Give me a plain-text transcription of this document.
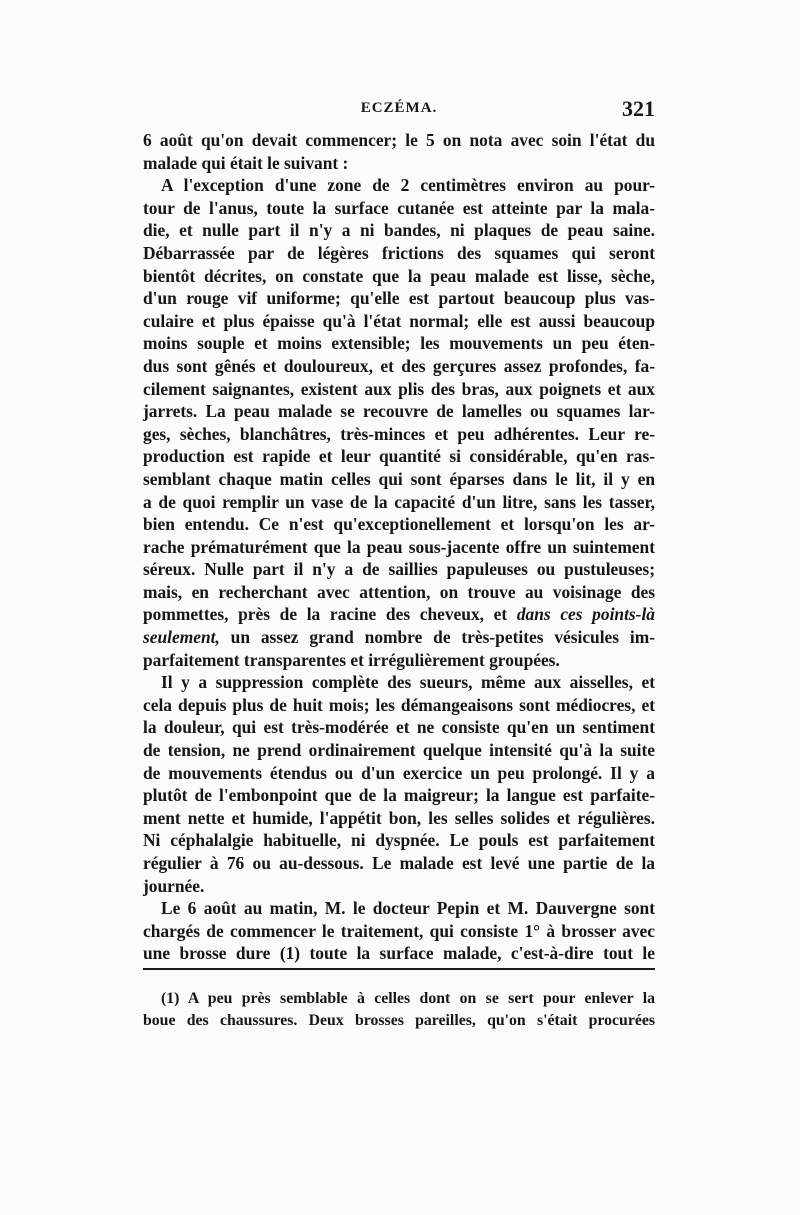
ECZÉMA.	321
6 août qu'on devait commencer; le 5 on nota avec soin l'état du
malade qui était le suivant :
A l'exception d'une zone de 2 centimètres environ au pour-
tour de l'anus, toute la surface cutanée est atteinte par la mala-
die, et nulle part il n'y a ni bandes, ni plaques de peau saine.
Débarrassée par de légères frictions des squames qui seront
bientôt décrites, on constate que la peau malade est lisse, sèche,
d'un rouge vif uniforme; qu'elle est partout beaucoup plus vas-
culaire et plus épaisse qu'à l'état normal; elle est aussi beaucoup
moins souple et moins extensible; les mouvements un peu éten-
dus sont gênés et douloureux, et des gerçures assez profondes, fa-
cilement saignantes, existent aux plis des bras, aux poignets et aux
jarrets. La peau malade se recouvre de lamelles ou squames lar-
ges, sèches, blanchâtres, très-minces et peu adhérentes. Leur re-
production est rapide et leur quantité si considérable, qu'en ras-
semblant chaque matin celles qui sont éparses dans le lit, il y en
a de quoi remplir un vase de la capacité d'un litre, sans les tasser,
bien entendu. Ce n'est qu'exceptionellement et lorsqu'on les ar-
rache prématurément que la peau sous-jacente offre un suintement
séreux. Nulle part il n'y a de saillies papuleuses ou pustuleuses;
mais, en recherchant avec attention, on trouve au voisinage des
pommettes, près de la racine des cheveux, et dans ces points-là
seulement, un assez grand nombre de très-petites vésicules im-
parfaitement transparentes et irrégulièrement groupées.
Il y a suppression complète des sueurs, même aux aisselles, et
cela depuis plus de huit mois; les démangeaisons sont médiocres, et
la douleur, qui est très-modérée et ne consiste qu'en un sentiment
de tension, ne prend ordinairement quelque intensité qu'à la suite
de mouvements étendus ou d'un exercice un peu prolongé. Il y a
plutôt de l'embonpoint que de la maigreur; la langue est parfaite-
ment nette et humide, l'appétit bon, les selles solides et régulières.
Ni céphalalgie habituelle, ni dyspnée. Le pouls est parfaitement
régulier à 76 ou au-dessous. Le malade est levé une partie de la
journée.
Le 6 août au matin, M. le docteur Pepin et M. Dauvergne sont
chargés de commencer le traitement, qui consiste 1° à brosser avec
une brosse dure (1) toute la surface malade, c'est-à-dire tout le
(1) A peu près semblable à celles dont on se sert pour enlever la
boue des chaussures. Deux brosses pareilles, qu'on s'était procurées
